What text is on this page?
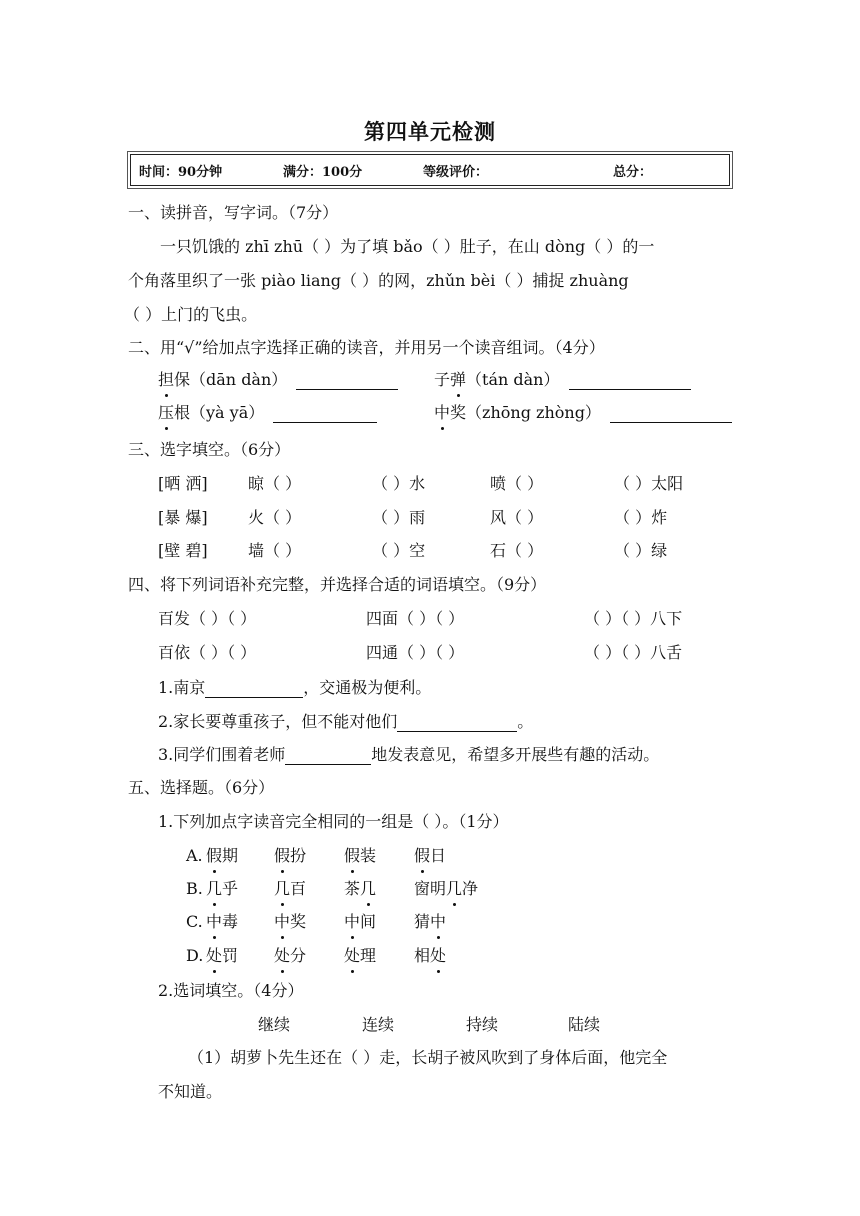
第四单元检测
时间：90分钟	满分：100分	等级评价：	总分：
一、读拼音，写字词。（7分）
一只饥饿的 zhī zhū（ ）为了填 bǎo（ ）肚子，在山 dòng（ ）的一
个角落里织了一张 piào liang（ ）的网，zhǔn bèi（ ）捕捉 zhuàng
（ ）上门的飞虫。
二、用“√”给加点字选择正确的读音，并用另一个读音组词。（4分）
担保（dān dàn）	子弹（tán dàn）
压根（yà yā）	中奖（zhōng zhòng）
三、选字填空。（6分）
[晒 洒]	晾（ ）	（ ）水	喷（ ）	（ ）太阳
[暴 爆]	火（ ）	（ ）雨	风（ ）	（ ）炸
[壁 碧]	墙（ ）	（ ）空	石（ ）	（ ）绿
四、将下列词语补充完整，并选择合适的词语填空。（9分）
百发（ ）（ ）	四面（ ）（ ）	（ ）（ ）八下
百依（ ）（ ）	四通（ ）（ ）	（ ）（ ）八舌
1.南京	，交通极为便利。
2.家长要尊重孩子，但不能对他们	。
3.同学们围着老师	地发表意见，希望多开展些有趣的活动。
五、选择题。（6分）
1.下列加点字读音完全相同的一组是（ ）。（1分）
A. 假期 假扮 假装 假日
B. 几乎 几百 茶几 窗明几净
C. 中毒 中奖 中间 猜中
D. 处罚 处分 处理 相处
2.选词填空。（4分）
继续	连续	持续	陆续
（1）胡萝卜先生还在（ ）走，长胡子被风吹到了身体后面，他完全
不知道。
